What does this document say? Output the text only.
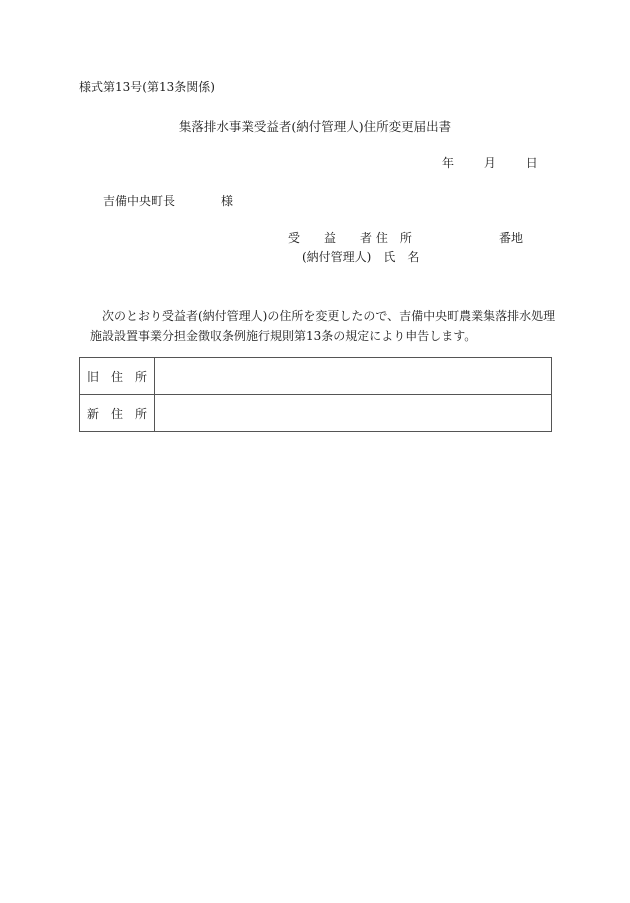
様式第13号(第13条関係)
集落排水事業受益者(納付管理人)住所変更届出書
年 月 日
吉備中央町長	様
受　　益　　者 住　所	番地
(納付管理人)　氏　名
次のとおり受益者(納付管理人)の住所を変更したので、吉備中央町農業集落排水処理
施設設置事業分担金徴収条例施行規則第13条の規定により申告します。
旧　住　所	
新　住　所	
